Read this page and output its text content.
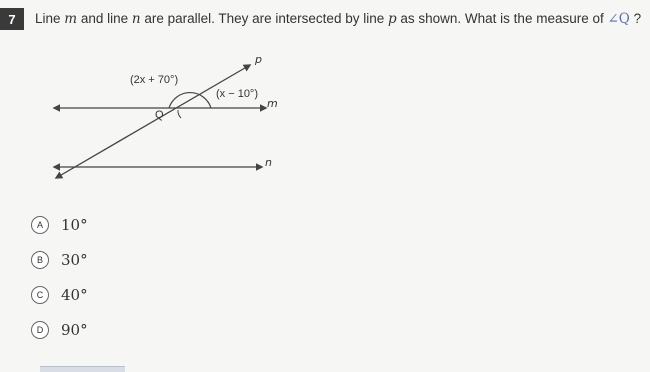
7	Line m and line n are parallel. They are intersected by line p as shown. What is the measure of ∠Q ?
p
m
n
Q
(2x + 70°)
(x − 10°)
A	10°
B	30°
C	40°
D	90°
